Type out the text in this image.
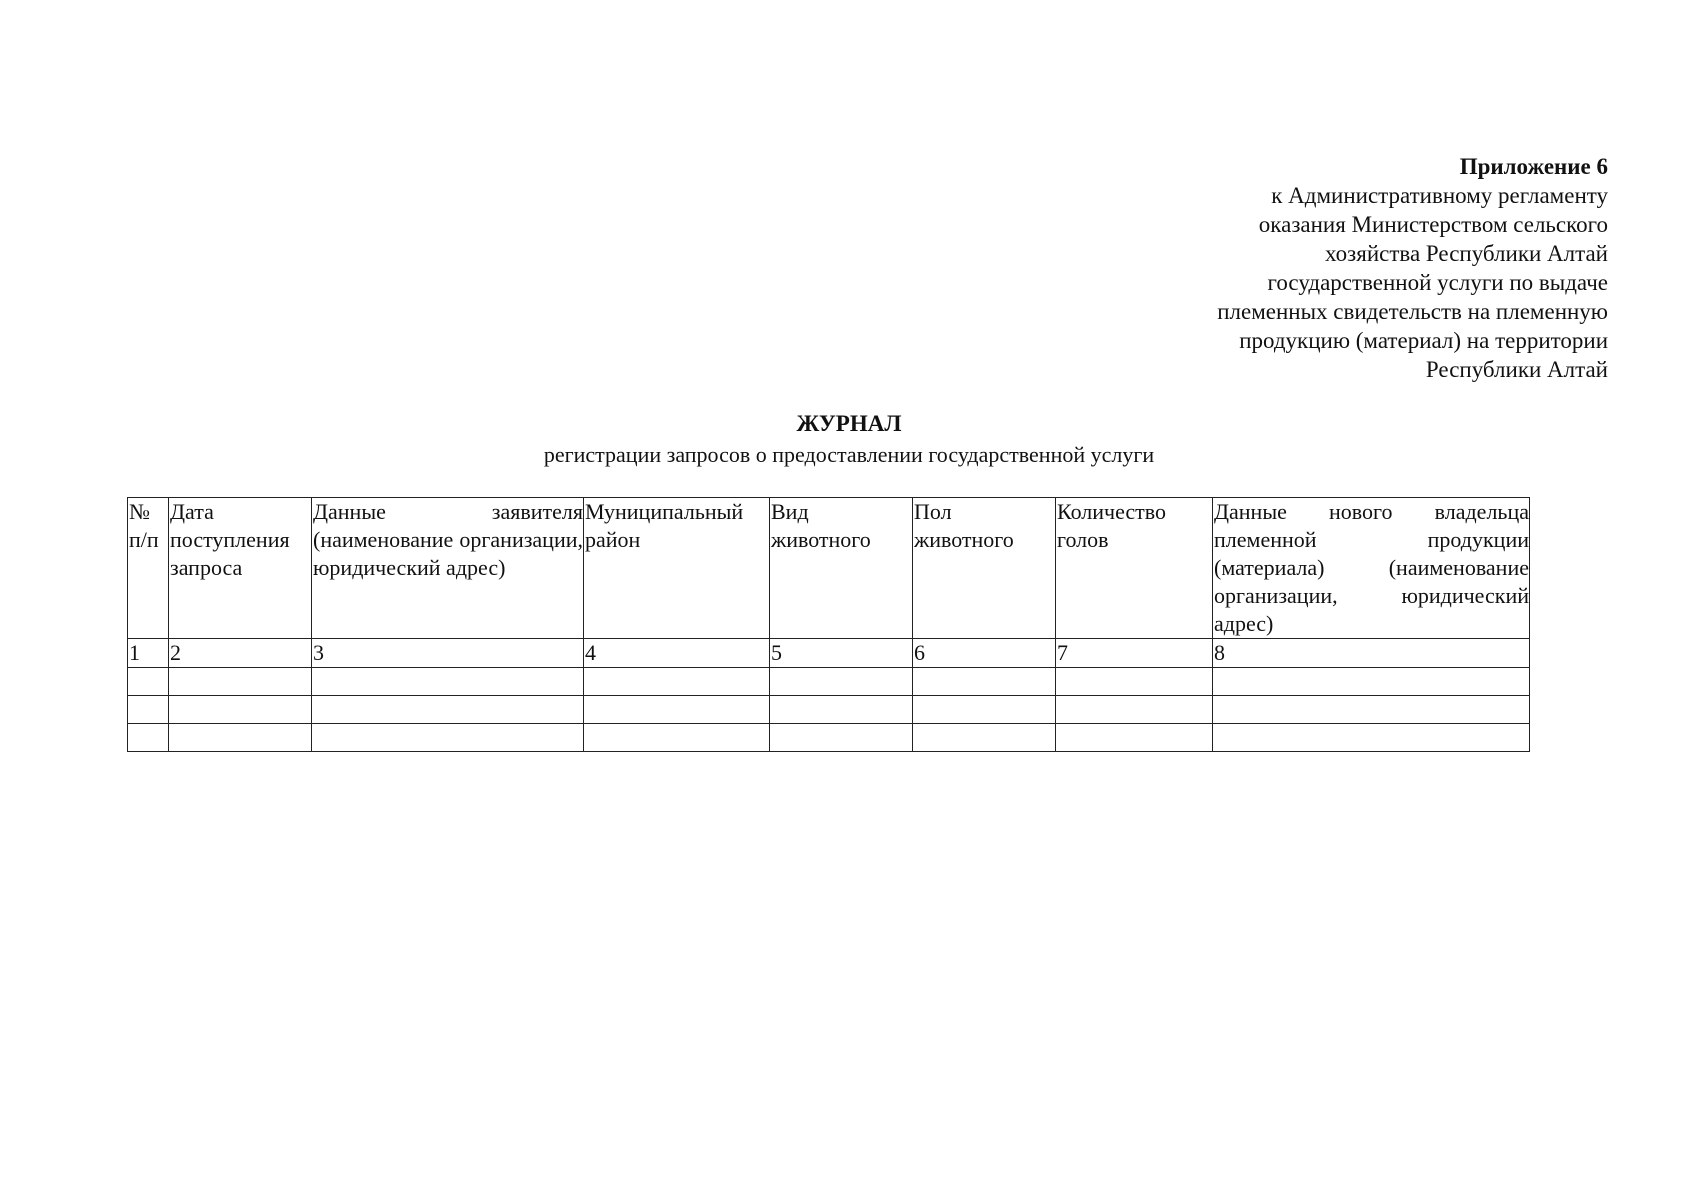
Приложение 6
к Административному регламенту
оказания Министерством сельского
хозяйства Республики Алтай
государственной услуги по выдаче
племенных свидетельств на племенную
продукцию (материал) на территории
Республики Алтай
ЖУРНАЛ
регистрации запросов о предоставлении государственной услуги
№ п/п	Дата поступления запроса	Данные заявителя (наименование организации, юридический адрес)	Муниципальный район	Вид животного	Пол животного	Количество голов	Данные нового владельца племенной продукции (материала) (наименование организации, юридический адрес)
1	2	3	4	5	6	7	8
